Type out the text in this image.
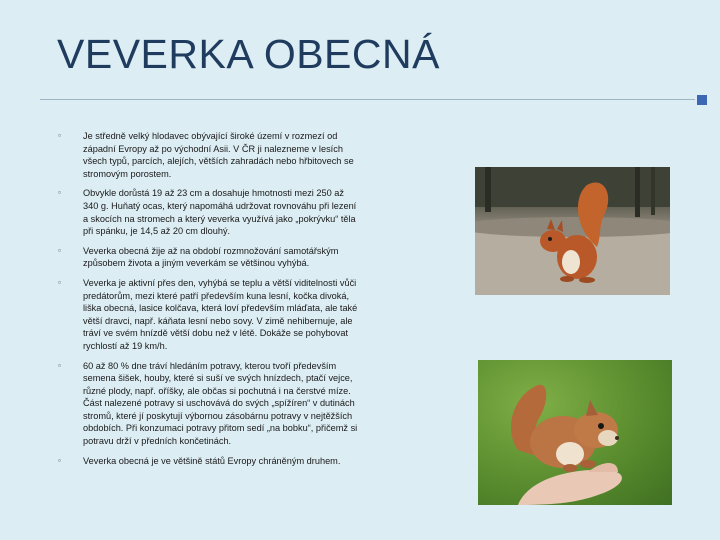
VEVERKA OBECNÁ
▫ Je středně velký hlodavec obývající široké území v rozmezí od západní Evropy až po východní Asii. V ČR ji nalezneme v lesích všech typů, parcích, alejích, větších zahradách nebo hřbitovech se stromovým porostem.
▫ Obvykle dorůstá 19 až 23 cm a dosahuje hmotnosti mezi 250 až 340 g. Huňatý ocas, který napomáhá udržovat rovnováhu při lezení a skocích na stromech a který veverka využívá jako „pokrývku“ těla při spánku, je 14,5 až 20 cm dlouhý.
▫ Veverka obecná žije až na období rozmnožování samotářským způsobem života a jiným veverkám se většinou vyhýbá.
▫ Veverka je aktivní přes den, vyhýbá se teplu a větší viditelnosti vůči predátorům, mezi které patří především kuna lesní, kočka divoká, liška obecná, lasice kolčava, která loví především mláďata, ale také větší dravci, např. káňata lesní nebo sovy. V zimě nehibernuje, ale tráví ve svém hnízdě větší dobu než v létě. Dokáže se pohybovat rychlostí až 19 km/h.
▫ 60 až 80 % dne tráví hledáním potravy, kterou tvoří především semena šišek, houby, které si suší ve svých hnízdech, ptačí vejce, různé plody, např. oříšky, ale občas si pochutná i na čerstvé míze. Část nalezené potravy si uschovává do svých „spížíren“ v dutinách stromů, které jí poskytují výbornou zásobárnu potravy v nejtěžších obdobích. Při konzumaci potravy přitom sedí „na bobku“, přičemž si potravu drží v předních končetinách.
▫ Veverka obecná je ve většině států Evropy chráněným druhem.
